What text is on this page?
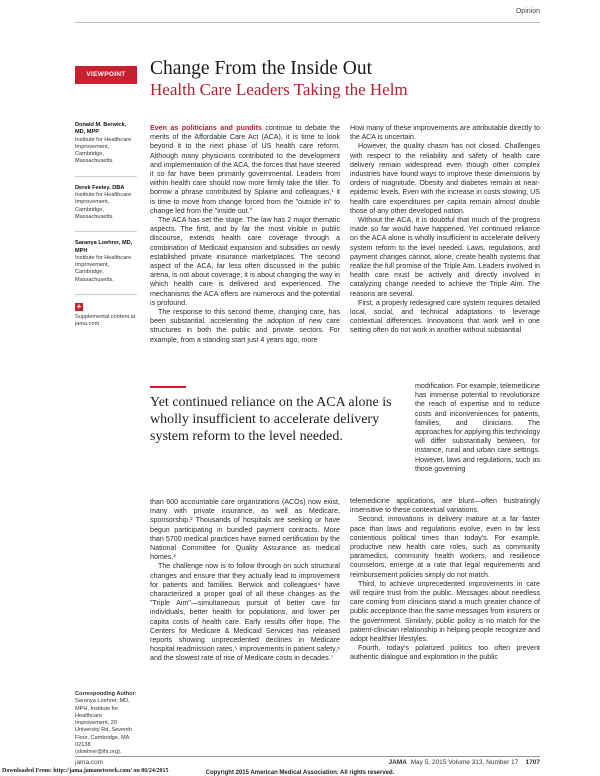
Opinion
VIEWPOINT	Change From the Inside Out
Health Care Leaders Taking the Helm
Donald M. Berwick, MD, MPP
Institute for Healthcare Improvement, Cambridge, Massachusetts.
Derek Feeley, DBA
Institute for Healthcare Improvement, Cambridge, Massachusetts.
Saranya Loehrer, MD, MPH
Institute for Healthcare Improvement, Cambridge, Massachusetts.
+
Supplemental content at jama.com

Even as politicians and pundits continue to debate the merits of the Affordable Care Act (ACA), it is time to look beyond it to the next phase of US health care reform. Although many physicians contributed to the development and implementation of the ACA, the forces that have steered it so far have been primarily governmental. Leaders from within health care should now more firmly take the tiller. To borrow a phrase contributed by Splaine and colleagues,¹ it is time to move from change forced from the "outside in" to change led from the "inside out."

The ACA has set the stage. The law has 2 major thematic aspects. The first, and by far the most visible in public discourse, extends health care coverage through a combination of Medicaid expansion and subsidies on newly established private insurance marketplaces. The second aspect of the ACA, far less often discussed in the public arena, is not about coverage; it is about changing the way in which health care is delivered and experienced. The mechanisms the ACA offers are numerous and the potential is profound.

The response to this second theme, changing care, has been substantial, accelerating the adoption of new care structures in both the public and private sectors. For example, from a standing start just 4 years ago, more

Yet continued reliance on the ACA alone is wholly insufficient to accelerate delivery system reform to the level needed.

than 600 accountable care organizations (ACOs) now exist, many with private insurance, as well as Medicare, sponsorship.² Thousands of hospitals are seeking or have begun participating in bundled payment contracts. More than 5700 medical practices have earned certification by the National Committee for Quality Assurance as medical homes.³

The challenge now is to follow through on such structural changes and ensure that they actually lead to improvement for patients and families. Berwick and colleagues⁴ have characterized a proper goal of all these changes as the "Triple Aim"—simultaneous pursuit of better care for individuals, better health for populations, and lower per capita costs of health care. Early results offer hope. The Centers for Medicare & Medicaid Services has released reports showing unprecedented declines in Medicare hospital readmission rates,⁵ improvements in patient safety,⁶ and the slowest rate of rise of Medicare costs in decades.⁷

How many of these improvements are attributable directly to the ACA is uncertain.

However, the quality chasm has not closed. Challenges with respect to the reliability and safety of health care delivery remain widespread even though other complex industries have found ways to improve these dimensions by orders of magnitude. Obesity and diabetes remain at near-epidemic levels. Even with the increase in costs slowing, US health care expenditures per capita remain almost double those of any other developed nation.

Without the ACA, it is doubtful that much of the progress made so far would have happened. Yet continued reliance on the ACA alone is wholly insufficient to accelerate delivery system reform to the level needed. Laws, regulations, and payment changes cannot, alone, create health systems that realize the full promise of the Triple Aim. Leaders involved in health care must be actively and directly involved in catalyzing change needed to achieve the Triple Aim. The reasons are several.

First, a properly redesigned care system requires detailed local, social, and technical adaptations to leverage contextual differences. Innovations that work well in one setting often do not work in another without substantial

modification. For example, telemedicine has immense potential to revolutionize the reach of expertise and to reduce costs and inconveniences for patients, families, and clinicians. The approaches for applying this technology will differ substantially between, for instance, rural and urban care settings. However, laws and regulations, such as those governing

telemedicine applications, are blunt—often frustratingly insensitive to these contextual variations.

Second, innovations in delivery mature at a far faster pace than laws and regulations evolve, even in far less contentious political times than today's. For example, productive new health care roles, such as community paramedics, community health workers, and resilience counselors, emerge at a rate that legal requirements and reimbursement policies simply do not match.

Third, to achieve unprecedented improvements in care will require trust from the public. Messages about needless care coming from clinicians stand a much greater chance of public acceptance than the same messages from insurers or the government. Similarly, public policy is no match for the patient-clinician relationship in helping people recognize and adopt healthier lifestyles.

Fourth, today's polarized politics too often prevent authentic dialogue and exploration in the public

Corresponding Author: Saranya Loehrer, MD, MPH, Institute for Healthcare Improvement, 20 University Rd, Seventh Floor, Cambridge, MA 02138 (sloehrer@ihi.org).
jama.com	JAMA May 5, 2015 Volume 313, Number 17 1707
Copyright 2015 American Medical Association. All rights reserved.
Downloaded From: http://jama.jamanetwork.com/ on 06/24/2015
